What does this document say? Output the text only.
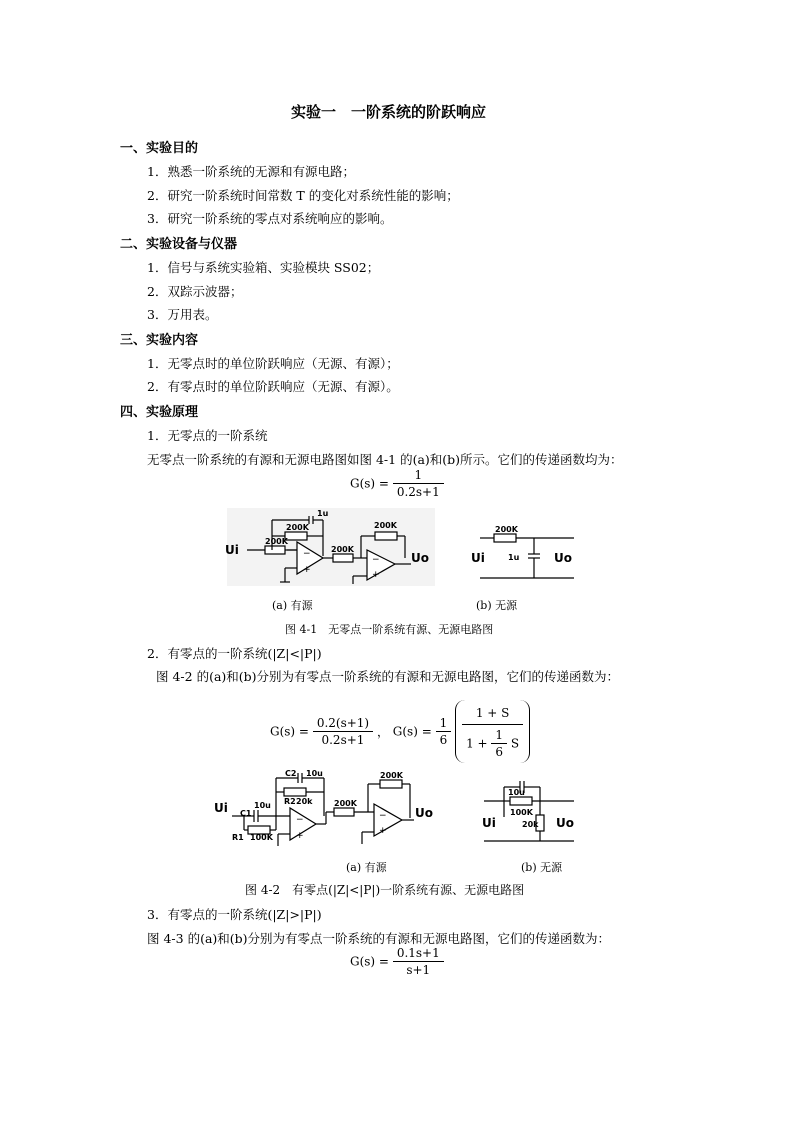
实验一　一阶系统的阶跃响应
一、实验目的
1．熟悉一阶系统的无源和有源电路；
2．研究一阶系统时间常数 T 的变化对系统性能的影响；
3．研究一阶系统的零点对系统响应的影响。
二、实验设备与仪器
1．信号与系统实验箱、实验模块 SS02；
2．双踪示波器；
3．万用表。
三、实验内容
1．无零点时的单位阶跃响应（无源、有源）；
2．有零点时的单位阶跃响应（无源、有源）。
四、实验原理
1．无零点的一阶系统
无零点一阶系统的有源和无源电路图如图 4-1 的(a)和(b)所示。它们的传递函数均为：
$G(s) = \frac{1}{0.2s+1}$
Ui
200K
200K
1u
200K
200K
Uo
−
+
−
+
200K
1u
Ui	Uo
(a) 有源	(b) 无源
图 4-1　无零点一阶系统有源、无源电路图
2．有零点的一阶系统(|Z|<|P|)
图 4-2 的(a)和(b)分别为有零点一阶系统的有源和无源电路图，它们的传递函数为：
$G(s) = \frac{0.2(s+1)}{0.2s+1}$ ， $G(s) = \frac{1}{6}$
$\frac{1 + S}{1 + \frac{1}{6} S}$
Ui C1
10u
R1 100K
C2 10u
R2 20k	200K
200K
Uo
−
+
−
+
10u
100K
20k
Ui	Uo
(a) 有源	(b) 无源
图 4-2　有零点(|Z|<|P|)一阶系统有源、无源电路图
3．有零点的一阶系统(|Z|>|P|)
图 4-3 的(a)和(b)分别为有零点一阶系统的有源和无源电路图，它们的传递函数为：
$G(s) = \frac{0.1s+1}{s+1}$
